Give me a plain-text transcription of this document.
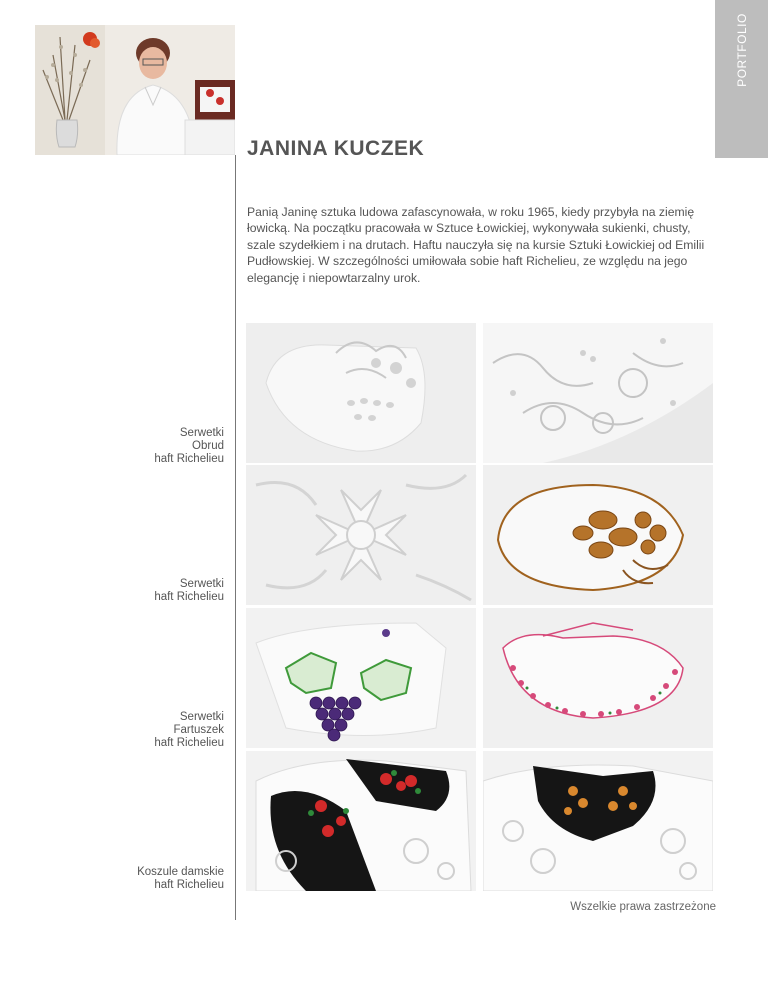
PORTFOLIO
JANINA KUCZEK
Panią Janinę sztuka ludowa zafascynowała, w roku 1965, kiedy przybyła na ziemię łowicką. Na początku pracowała w Sztuce Łowickiej, wykonywała sukienki, chusty, szale szydełkiem i na drutach. Haftu nauczyła się na kursie Sztuki Łowickiej od Emilii Pudłowskiej. W szczególności umiłowała sobie haft Richelieu, ze względu na jego elegancję i niepowtarzalny urok.
Serwetki
Obrud
haft Richelieu
Serwetki
haft Richelieu
Serwetki
Fartuszek
haft Richelieu
Koszule damskie
haft Richelieu
Wszelkie prawa zastrzeżone
